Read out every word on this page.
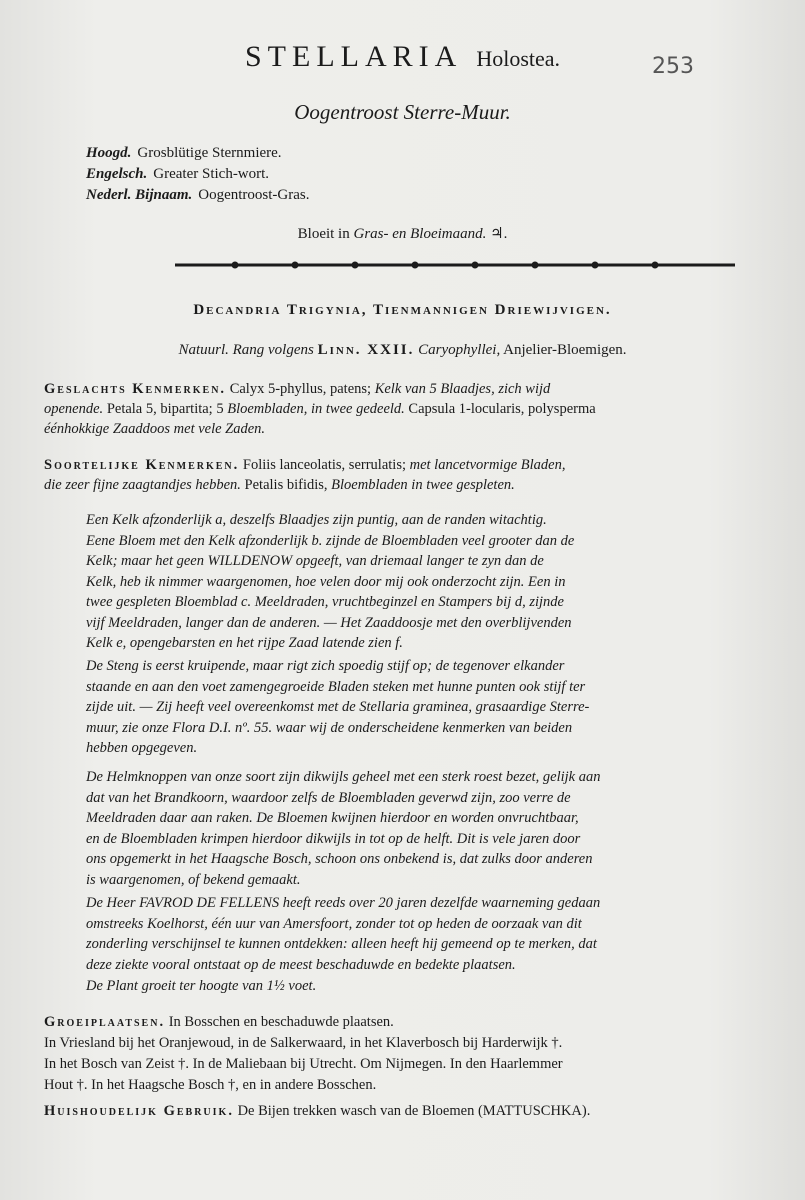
STELLARIA Holostea.	253
Oogentroost Sterre-Muur.
Hoogd. Grosblütige Sternmiere.
Engelsch. Greater Stich-wort.
Nederl. Bijnaam. Oogentroost-Gras.
Bloeit in Gras- en Bloeimaand. ♃.
Decandria Trigynia, Tienmannigen Driewijvigen.
Natuurl. Rang volgens Linn. XXII. Caryophyllei, Anjelier-Bloemigen.
Geslachts Kenmerken. Calyx 5-phyllus, patens; Kelk van 5 Blaadjes, zich wijd
openende. Petala 5, bipartita; 5 Bloembladen, in twee gedeeld. Capsula 1-locularis, polysperma
éénhokkige Zaaddoos met vele Zaden.
Soortelijke Kenmerken. Foliis lanceolatis, serrulatis; met lancetvormige Bladen,
die zeer fijne zaagtandjes hebben. Petalis bifidis, Bloembladen in twee gespleten.
Een Kelk afzonderlijk a, deszelfs Blaadjes zijn puntig, aan de randen witachtig.
Eene Bloem met den Kelk afzonderlijk b. zijnde de Bloembladen veel grooter dan de
Kelk; maar het geen WILLDENOW opgeeft, van driemaal langer te zyn dan de
Kelk, heb ik nimmer waargenomen, hoe velen door mij ook onderzocht zijn. Een in
twee gespleten Bloemblad c. Meeldraden, vruchtbeginzel en Stampers bij d, zijnde
vijf Meeldraden, langer dan de anderen. — Het Zaaddoosje met den overblijvenden
Kelk e, opengebarsten en het rijpe Zaad latende zien f.
De Steng is eerst kruipende, maar rigt zich spoedig stijf op; de tegenover elkander
staande en aan den voet zamengegroeide Bladen steken met hunne punten ook stijf ter
zijde uit. — Zij heeft veel overeenkomst met de Stellaria graminea, grasaardige Sterre-
muur, zie onze Flora D.I. nº. 55. waar wij de onderscheidene kenmerken van beiden
hebben opgegeven.
De Helmknoppen van onze soort zijn dikwijls geheel met een sterk roest bezet, gelijk aan
dat van het Brandkoorn, waardoor zelfs de Bloembladen geverwd zijn, zoo verre de
Meeldraden daar aan raken. De Bloemen kwijnen hierdoor en worden onvruchtbaar,
en de Bloembladen krimpen hierdoor dikwijls in tot op de helft. Dit is vele jaren door
ons opgemerkt in het Haagsche Bosch, schoon ons onbekend is, dat zulks door anderen
is waargenomen, of bekend gemaakt.
De Heer FAVROD DE FELLENS heeft reeds over 20 jaren dezelfde waarneming gedaan
omstreeks Koelhorst, één uur van Amersfoort, zonder tot op heden de oorzaak van dit
zonderling verschijnsel te kunnen ontdekken: alleen heeft hij gemeend op te merken, dat
deze ziekte vooral ontstaat op de meest beschaduwde en bedekte plaatsen.
De Plant groeit ter hoogte van 1½ voet.
Groeiplaatsen. In Bosschen en beschaduwde plaatsen.
In Vriesland bij het Oranjewoud, in de Salkerwaard, in het Klaverbosch bij Harderwijk †.
In het Bosch van Zeist †. In de Maliebaan bij Utrecht. Om Nijmegen. In den Haarlemmer
Hout †. In het Haagsche Bosch †, en in andere Bosschen.
Huishoudelijk Gebruik. De Bijen trekken wasch van de Bloemen (MATTUSCHKA).
